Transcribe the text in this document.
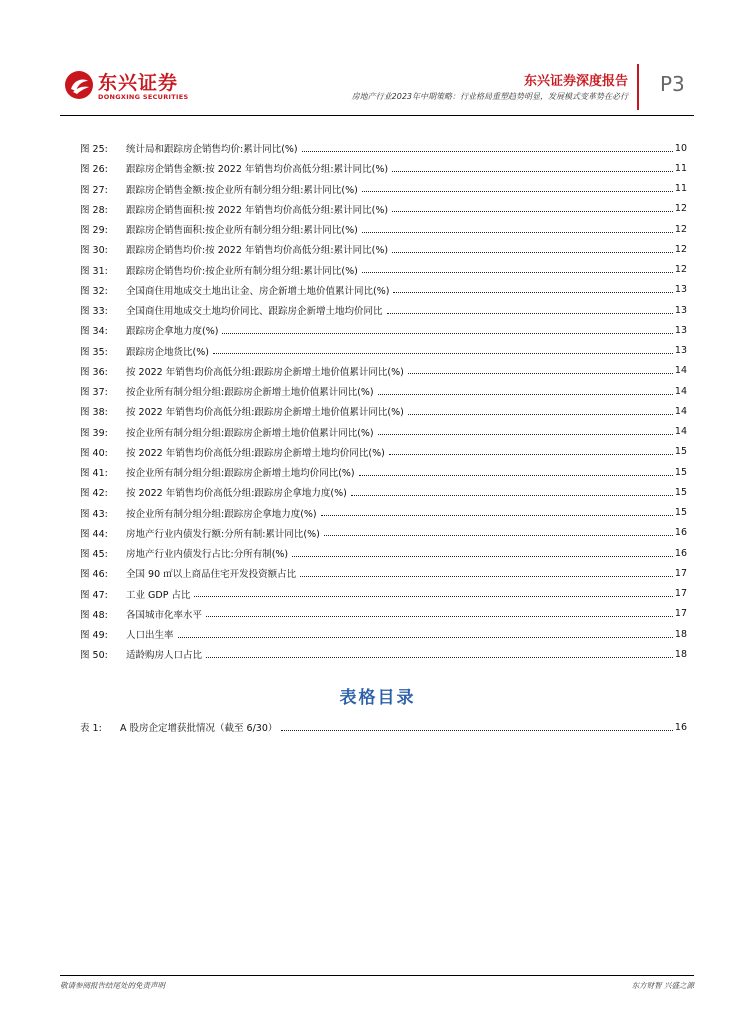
东兴证券
DONGXING SECURITIES
东兴证券深度报告
房地产行业2023年中期策略：行业格局重塑趋势明显，发展模式变革势在必行
P3
图 25:	统计局和跟踪房企销售均价:累计同比(%)	10
图 26:	跟踪房企销售金额:按 2022 年销售均价高低分组:累计同比(%)	11
图 27:	跟踪房企销售金额:按企业所有制分组分组:累计同比(%)	11
图 28:	跟踪房企销售面积:按 2022 年销售均价高低分组:累计同比(%)	12
图 29:	跟踪房企销售面积:按企业所有制分组分组:累计同比(%)	12
图 30:	跟踪房企销售均价:按 2022 年销售均价高低分组:累计同比(%)	12
图 31:	跟踪房企销售均价:按企业所有制分组分组:累计同比(%)	12
图 32:	全国商住用地成交土地出让金、房企新增土地价值累计同比(%)	13
图 33:	全国商住用地成交土地均价同比、跟踪房企新增土地均价同比	13
图 34:	跟踪房企拿地力度(%)	13
图 35:	跟踪房企地货比(%)	13
图 36:	按 2022 年销售均价高低分组:跟踪房企新增土地价值累计同比(%)	14
图 37:	按企业所有制分组分组:跟踪房企新增土地价值累计同比(%)	14
图 38:	按 2022 年销售均价高低分组:跟踪房企新增土地价值累计同比(%)	14
图 39:	按企业所有制分组分组:跟踪房企新增土地价值累计同比(%)	14
图 40:	按 2022 年销售均价高低分组:跟踪房企新增土地均价同比(%)	15
图 41:	按企业所有制分组分组:跟踪房企新增土地均价同比(%)	15
图 42:	按 2022 年销售均价高低分组:跟踪房企拿地力度(%)	15
图 43:	按企业所有制分组分组:跟踪房企拿地力度(%)	15
图 44:	房地产行业内债发行额:分所有制:累计同比(%)	16
图 45:	房地产行业内债发行占比:分所有制(%)	16
图 46:	全国 90 ㎡以上商品住宅开发投资额占比	17
图 47:	工业 GDP 占比	17
图 48:	各国城市化率水平	17
图 49:	人口出生率	18
图 50:	适龄购房人口占比	18
表格目录
表 1:	A 股房企定增获批情况（截至 6/30）	16
敬请参阅报告结尾处的免责声明	东方财智 兴盛之源
